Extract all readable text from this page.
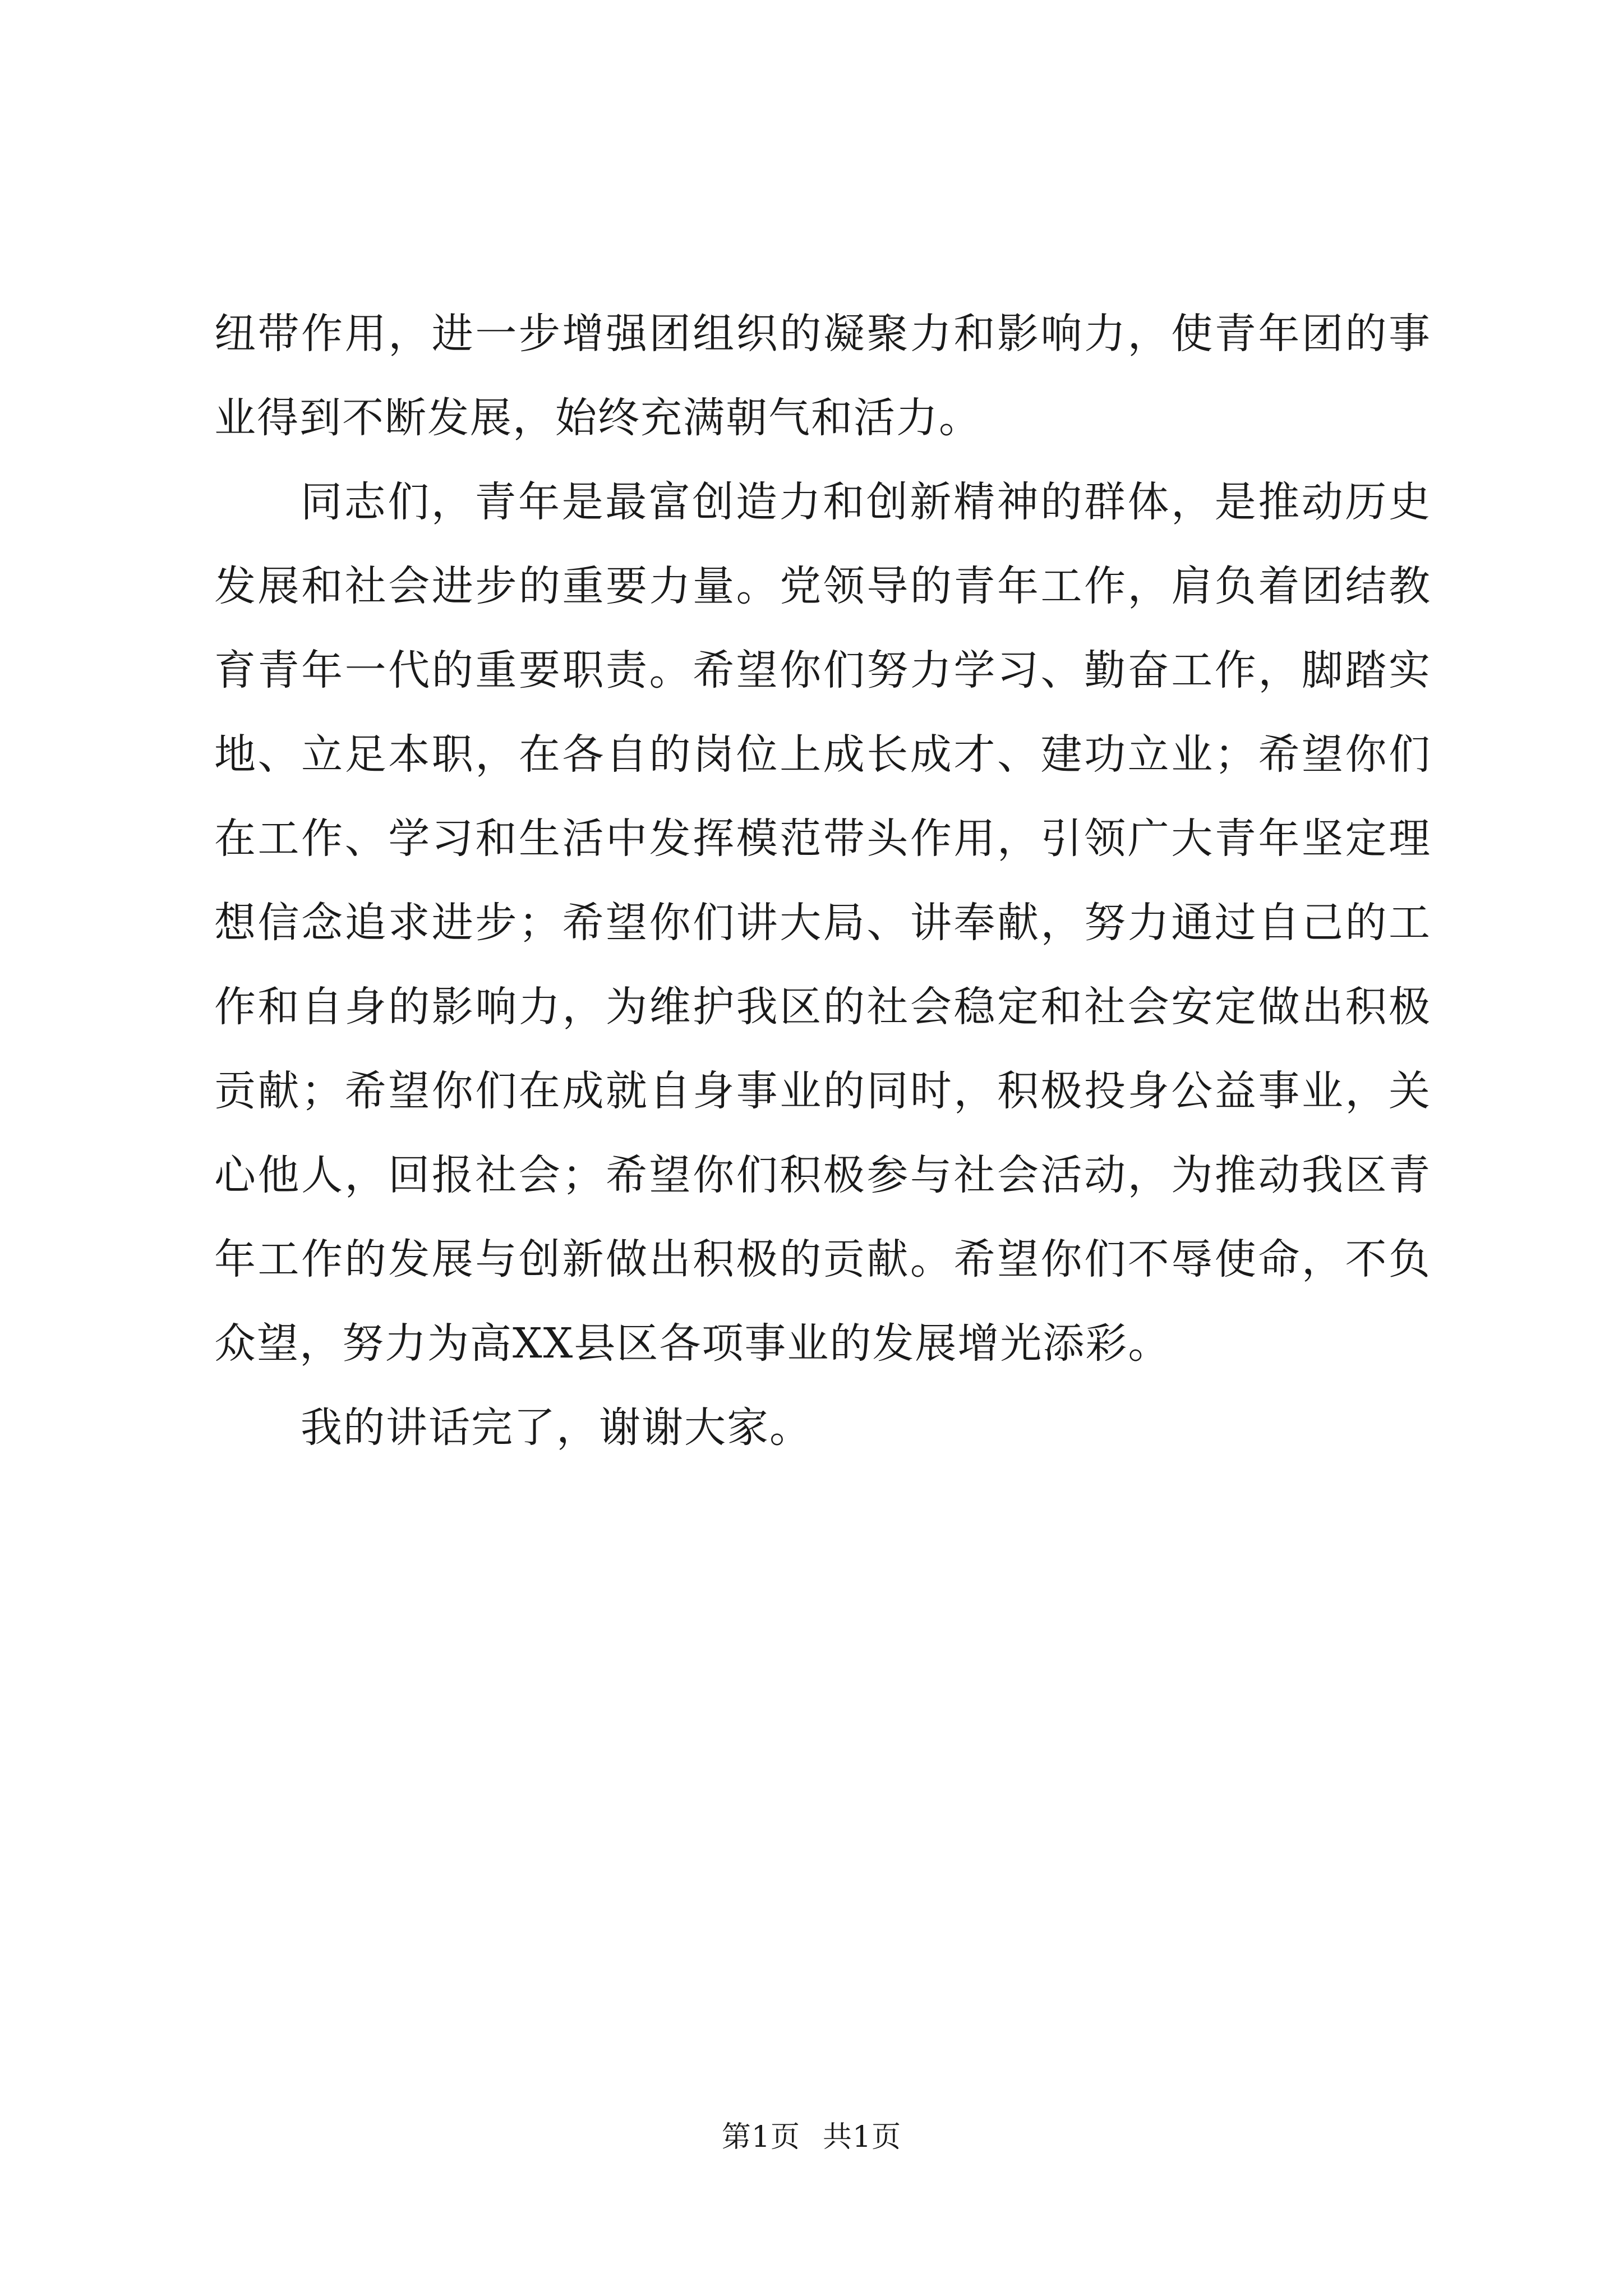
纽带作用，进一步增强团组织的凝聚力和影响力，使青年团的事
业得到不断发展，始终充满朝气和活力。
同志们，青年是最富创造力和创新精神的群体，是推动历史
发展和社会进步的重要力量。党领导的青年工作，肩负着团结教
育青年一代的重要职责。希望你们努力学习、勤奋工作，脚踏实
地、立足本职，在各自的岗位上成长成才、建功立业；希望你们
在工作、学习和生活中发挥模范带头作用，引领广大青年坚定理
想信念追求进步；希望你们讲大局、讲奉献，努力通过自己的工
作和自身的影响力，为维护我区的社会稳定和社会安定做出积极
贡献；希望你们在成就自身事业的同时，积极投身公益事业，关
心他人，回报社会；希望你们积极参与社会活动，为推动我区青
年工作的发展与创新做出积极的贡献。希望你们不辱使命，不负
众望，努力为高XX县区各项事业的发展增光添彩。
我的讲话完了，谢谢大家。
第1页 共1页
